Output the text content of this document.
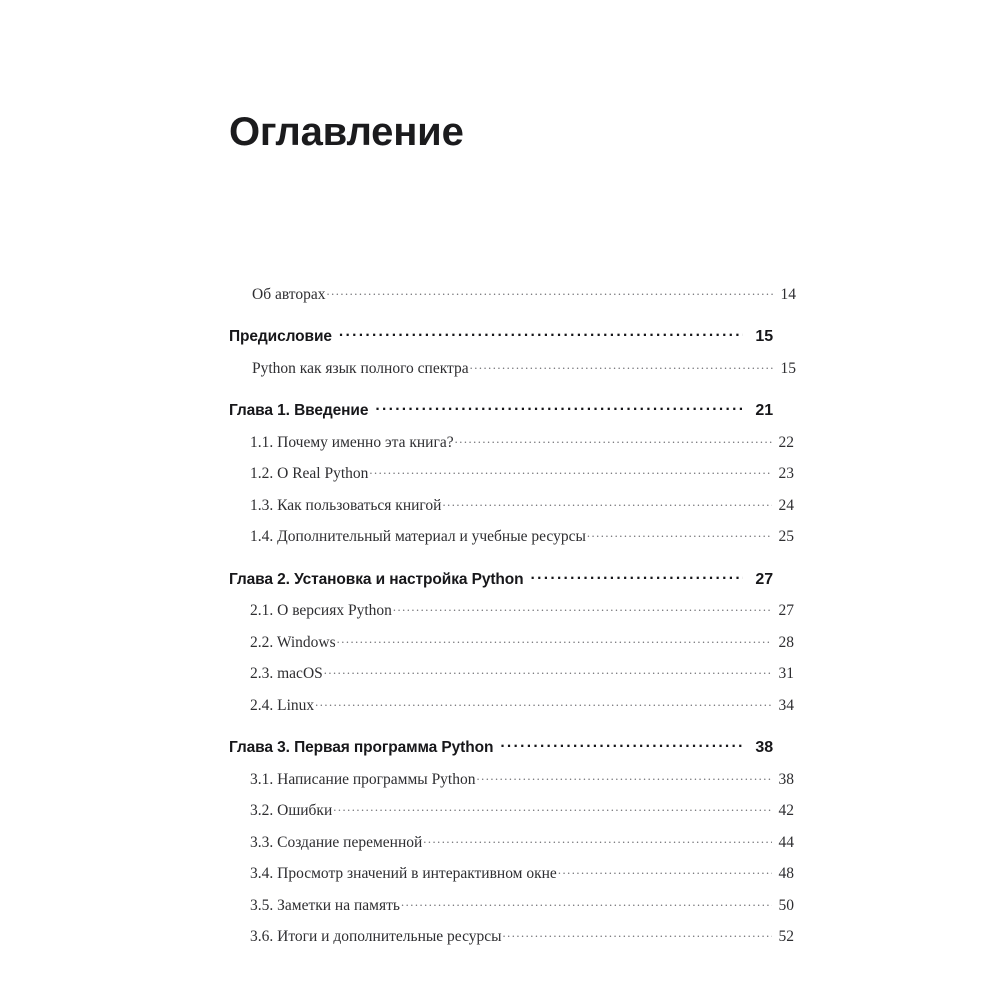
Оглавление
Об авторах .....	14
Предисловие .....	15
Python как язык полного спектра .....	15
Глава 1. Введение .....	21
1.1. Почему именно эта книга? .....	22
1.2. О Real Python .....	23
1.3. Как пользоваться книгой .....	24
1.4. Дополнительный материал и учебные ресурсы .....	25
Глава 2. Установка и настройка Python .....	27
2.1. О версиях Python .....	27
2.2. Windows .....	28
2.3. macOS .....	31
2.4. Linux .....	34
Глава 3. Первая программа Python .....	38
3.1. Написание программы Python .....	38
3.2. Ошибки .....	42
3.3. Создание переменной .....	44
3.4. Просмотр значений в интерактивном окне .....	48
3.5. Заметки на память .....	50
3.6. Итоги и дополнительные ресурсы .....	52
